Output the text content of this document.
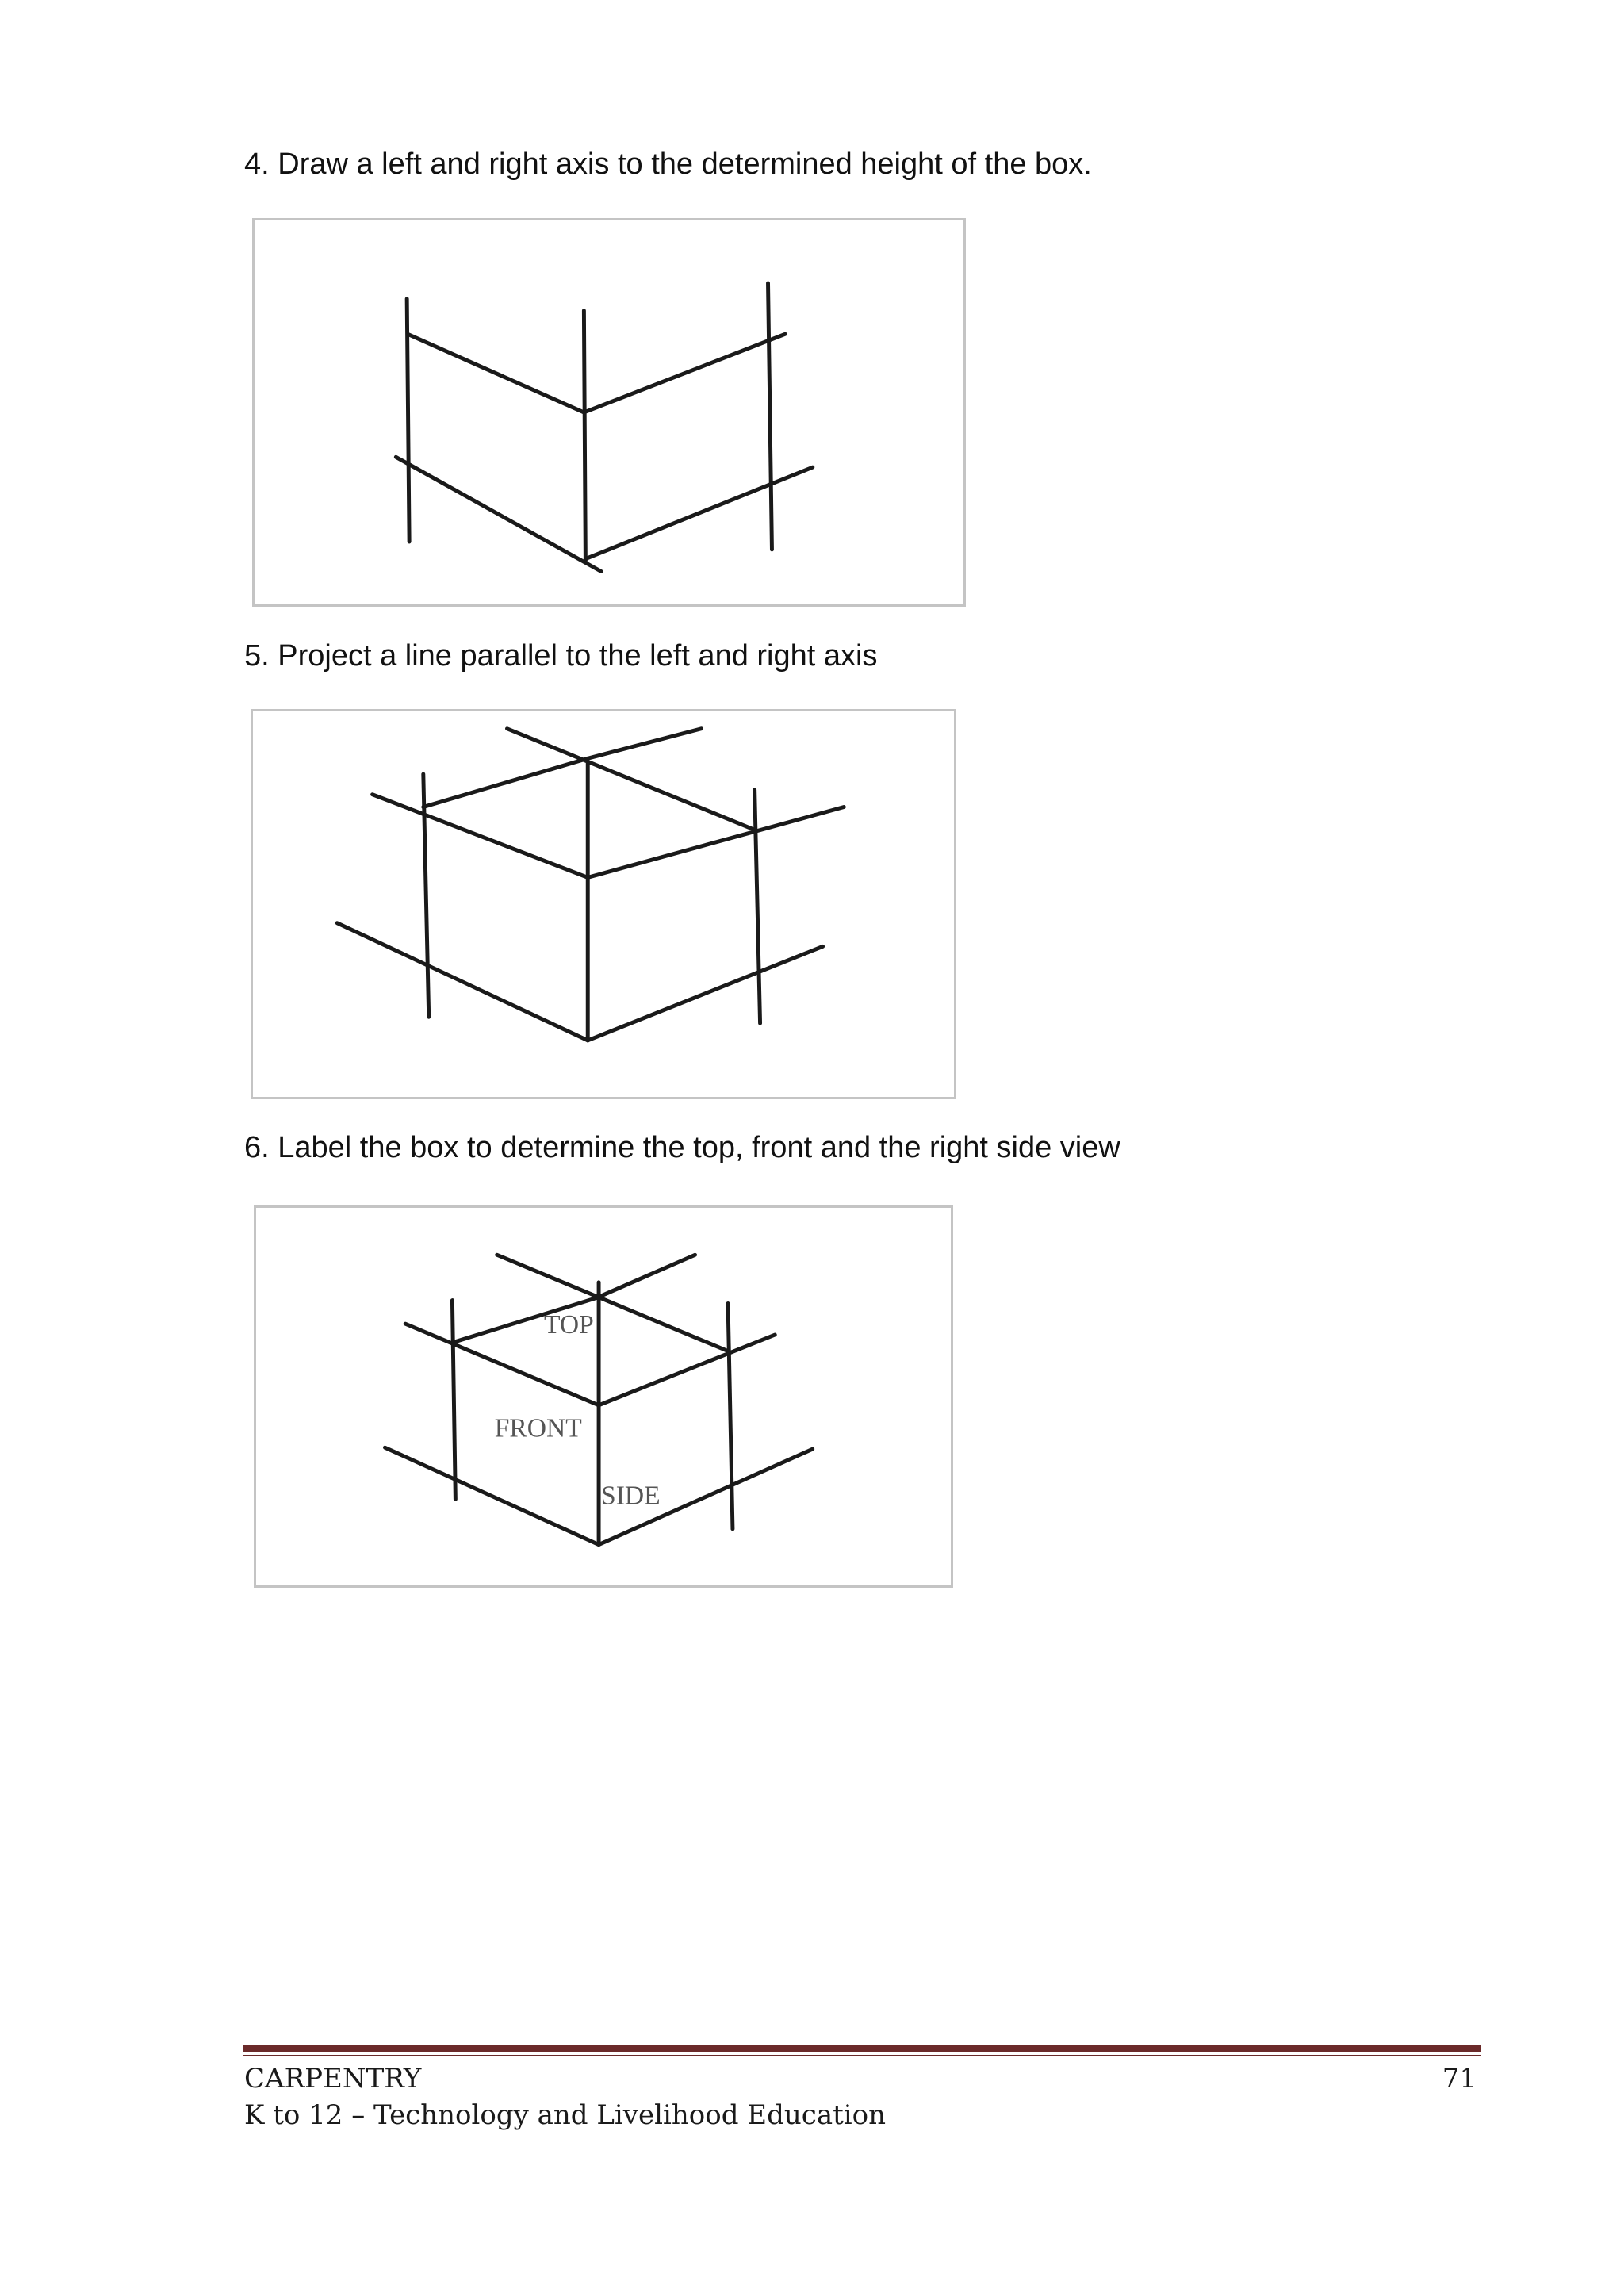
4. Draw a left and right axis to the determined height of the box.
5. Project a line parallel to the left and right axis
6. Label the box to determine the top, front and the right side view
TOP
FRONT
SIDE
CARPENTRY	71
K to 12 – Technology and Livelihood Education
